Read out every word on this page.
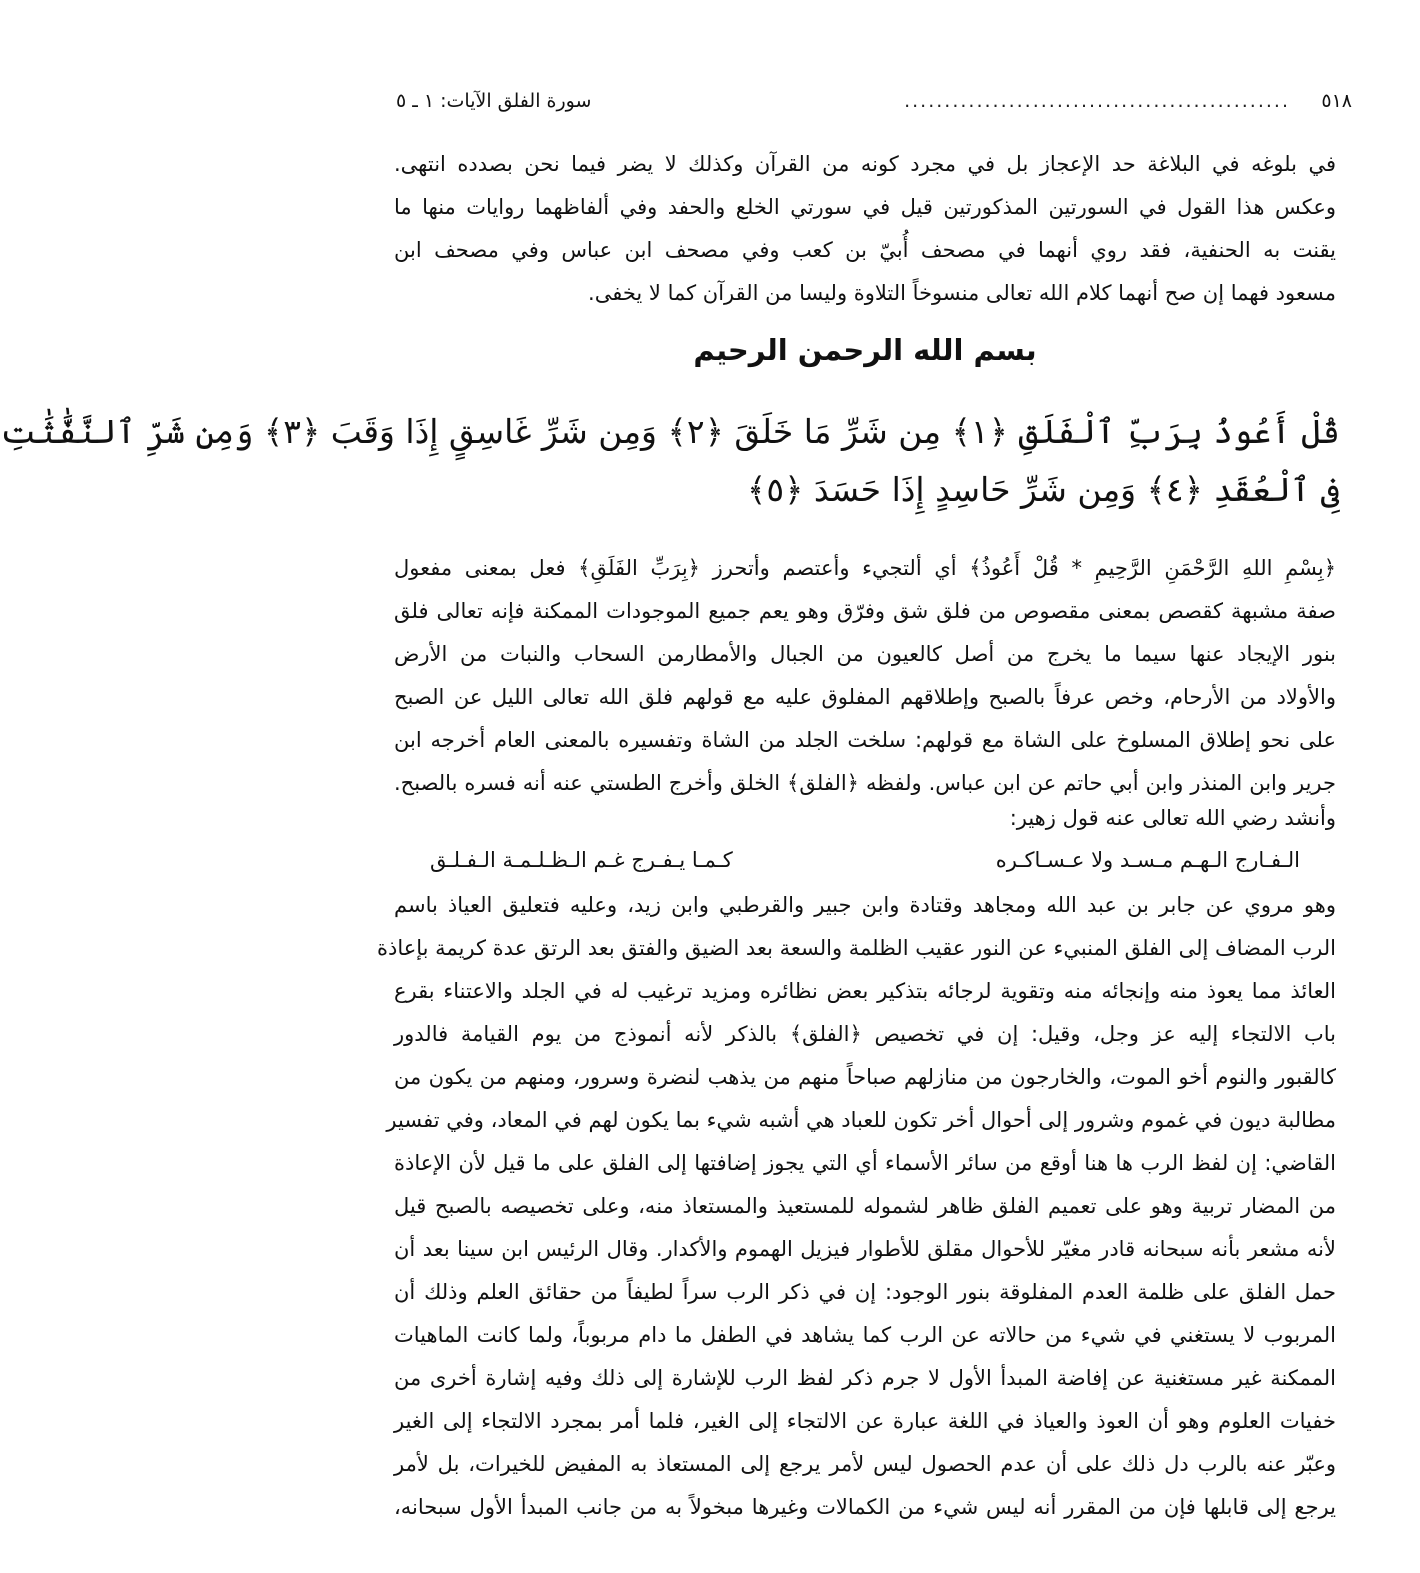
٥١٨
................................................
سورة الفلق الآيات: ١ ـ ٥
في بلوغه في البلاغة حد الإعجاز بل في مجرد كونه من القرآن وكذلك لا يضر فيما نحن بصدده انتهى.
وعكس هذا القول في السورتين المذكورتين قيل في سورتي الخلع والحفد وفي ألفاظهما روايات منها ما
يقنت به الحنفية، فقد روي أنهما في مصحف أُبيّ بن كعب وفي مصحف ابن عباس وفي مصحف ابن
مسعود فهما إن صح أنهما كلام الله تعالى منسوخاً التلاوة وليسا من القرآن كما لا يخفى.
بسم الله الرحمن الرحيم
قُلْ أَعُوذُ بِرَبِّ ٱلْفَلَقِ ﴿١﴾ مِن شَرِّ مَا خَلَقَ ﴿٢﴾ وَمِن شَرِّ غَاسِقٍ إِذَا وَقَبَ ﴿٣﴾ وَمِن شَرِّ ٱلنَّفَّٰثَٰتِ
فِى ٱلْعُقَدِ ﴿٤﴾ وَمِن شَرِّ حَاسِدٍ إِذَا حَسَدَ ﴿٥﴾
﴿بِسْمِ اللهِ الرَّحْمَنِ الرَّحِيمِ * قُلْ أَعُوذُ﴾ أي ألتجيء وأعتصم وأتحرز ﴿بِرَبِّ الفَلَقِ﴾ فعل بمعنى مفعول
صفة مشبهة كقصص بمعنى مقصوص من فلق شق وفرّق وهو يعم جميع الموجودات الممكنة فإنه تعالى فلق
بنور الإيجاد عنها سيما ما يخرج من أصل كالعيون من الجبال والأمطارمن السحاب والنبات من الأرض
والأولاد من الأرحام، وخص عرفاً بالصبح وإطلاقهم المفلوق عليه مع قولهم فلق الله تعالى الليل عن الصبح
على نحو إطلاق المسلوخ على الشاة مع قولهم: سلخت الجلد من الشاة وتفسيره بالمعنى العام أخرجه ابن
جرير وابن المنذر وابن أبي حاتم عن ابن عباس. ولفظه ﴿الفلق﴾ الخلق وأخرج الطستي عنه أنه فسره بالصبح.
وأنشد رضي الله تعالى عنه قول زهير:
الـفـارج الـهـم مـسـد ولا عـسـاكـره
كـمـا يـفـرج غـم الـظـلـمـة الـفـلـق
وهو مروي عن جابر بن عبد الله ومجاهد وقتادة وابن جبير والقرطبي وابن زيد، وعليه فتعليق العياذ باسم
الرب المضاف إلى الفلق المنبيء عن النور عقيب الظلمة والسعة بعد الضيق والفتق بعد الرتق عدة كريمة بإعاذة
العائذ مما يعوذ منه وإنجائه منه وتقوية لرجائه بتذكير بعض نظائره ومزيد ترغيب له في الجلد والاعتناء بقرع
باب الالتجاء إليه عز وجل، وقيل: إن في تخصيص ﴿الفلق﴾ بالذكر لأنه أنموذج من يوم القيامة فالدور
كالقبور والنوم أخو الموت، والخارجون من منازلهم صباحاً منهم من يذهب لنضرة وسرور، ومنهم من يكون من
مطالبة ديون في غموم وشرور إلى أحوال أخر تكون للعباد هي أشبه شيء بما يكون لهم في المعاد، وفي تفسير
القاضي: إن لفظ الرب ها هنا أوقع من سائر الأسماء أي التي يجوز إضافتها إلى الفلق على ما قيل لأن الإعاذة
من المضار تربية وهو على تعميم الفلق ظاهر لشموله للمستعيذ والمستعاذ منه، وعلى تخصيصه بالصبح قيل
لأنه مشعر بأنه سبحانه قادر مغيّر للأحوال مقلق للأطوار فيزيل الهموم والأكدار. وقال الرئيس ابن سينا بعد أن
حمل الفلق على ظلمة العدم المفلوقة بنور الوجود: إن في ذكر الرب سراً لطيفاً من حقائق العلم وذلك أن
المربوب لا يستغني في شيء من حالاته عن الرب كما يشاهد في الطفل ما دام مربوباً، ولما كانت الماهيات
الممكنة غير مستغنية عن إفاضة المبدأ الأول لا جرم ذكر لفظ الرب للإشارة إلى ذلك وفيه إشارة أخرى من
خفيات العلوم وهو أن العوذ والعياذ في اللغة عبارة عن الالتجاء إلى الغير، فلما أمر بمجرد الالتجاء إلى الغير
وعبّر عنه بالرب دل ذلك على أن عدم الحصول ليس لأمر يرجع إلى المستعاذ به المفيض للخيرات، بل لأمر
يرجع إلى قابلها فإن من المقرر أنه ليس شيء من الكمالات وغيرها مبخولاً به من جانب المبدأ الأول سبحانه،
